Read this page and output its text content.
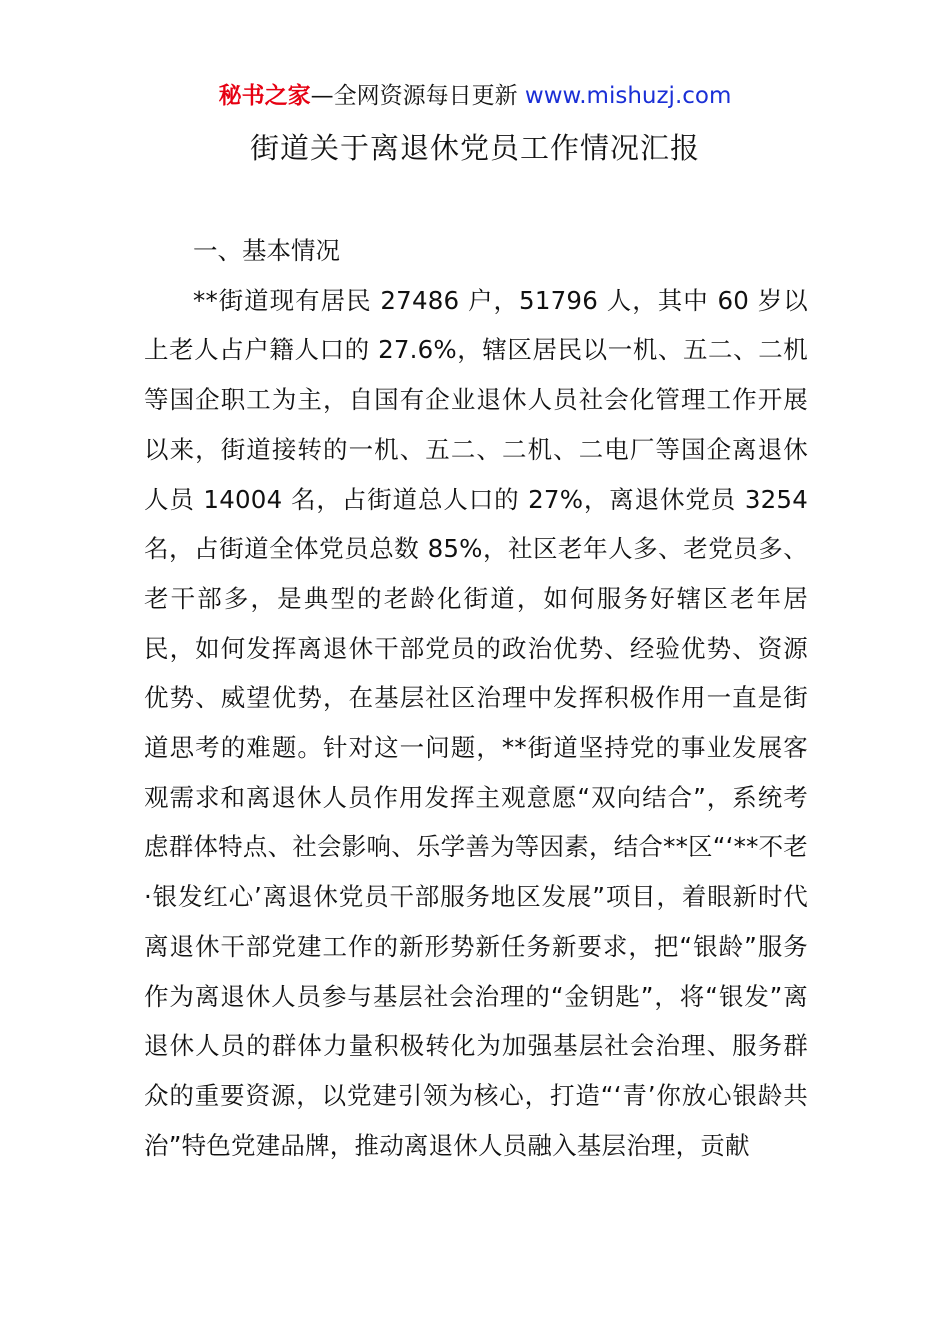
秘书之家—全网资源每日更新 www.mishuzj.com
街道关于离退休党员工作情况汇报

一、基本情况

**街道现有居民 27486 户，51796 人，其中 60 岁以上老人占户籍人口的 27.6%，辖区居民以一机、五二、二机等国企职工为主，自国有企业退休人员社会化管理工作开展以来，街道接转的一机、五二、二机、二电厂等国企离退休人员 14004 名，占街道总人口的 27%，离退休党员 3254 名，占街道全体党员总数 85%，社区老年人多、老党员多、老干部多，是典型的老龄化街道，如何服务好辖区老年居民，如何发挥离退休干部党员的政治优势、经验优势、资源优势、威望优势，在基层社区治理中发挥积极作用一直是街道思考的难题。针对这一问题，**街道坚持党的事业发展客观需求和离退休人员作用发挥主观意愿“双向结合”，系统考虑群体特点、社会影响、乐学善为等因素，结合**区“‘**不老·银发红心’离退休党员干部服务地区发展”项目，着眼新时代离退休干部党建工作的新形势新任务新要求，把“银龄”服务作为离退休人员参与基层社会治理的“金钥匙”，将“银发”离退休人员的群体力量积极转化为加强基层社会治理、服务群众的重要资源，以党建引领为核心，打造“‘青’你放心银龄共治”特色党建品牌，推动离退休人员融入基层治理，贡献
